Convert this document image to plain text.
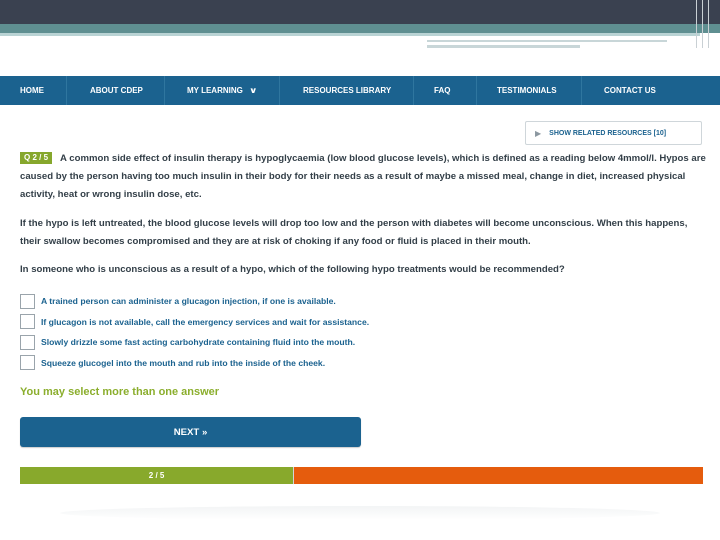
HOME	ABOUT CDEP	MY LEARNING ∨	RESOURCES LIBRARY	FAQ	TESTIMONIALS	CONTACT US
▶ SHOW RELATED RESOURCES [10]
Q 2 / 5 A common side effect of insulin therapy is hypoglycaemia (low blood glucose levels), which is defined as a reading below 4mmol/l. Hypos are caused by the person having too much insulin in their body for their needs as a result of maybe a missed meal, change in diet, increased physical activity, heat or wrong insulin dose, etc.
If the hypo is left untreated, the blood glucose levels will drop too low and the person with diabetes will become unconscious. When this happens, their swallow becomes compromised and they are at risk of choking if any food or fluid is placed in their mouth.
In someone who is unconscious as a result of a hypo, which of the following hypo treatments would be recommended?
A trained person can administer a glucagon injection, if one is available.
If glucagon is not available, call the emergency services and wait for assistance.
Slowly drizzle some fast acting carbohydrate containing fluid into the mouth.
Squeeze glucogel into the mouth and rub into the inside of the cheek.
You may select more than one answer
NEXT »
2 / 5
